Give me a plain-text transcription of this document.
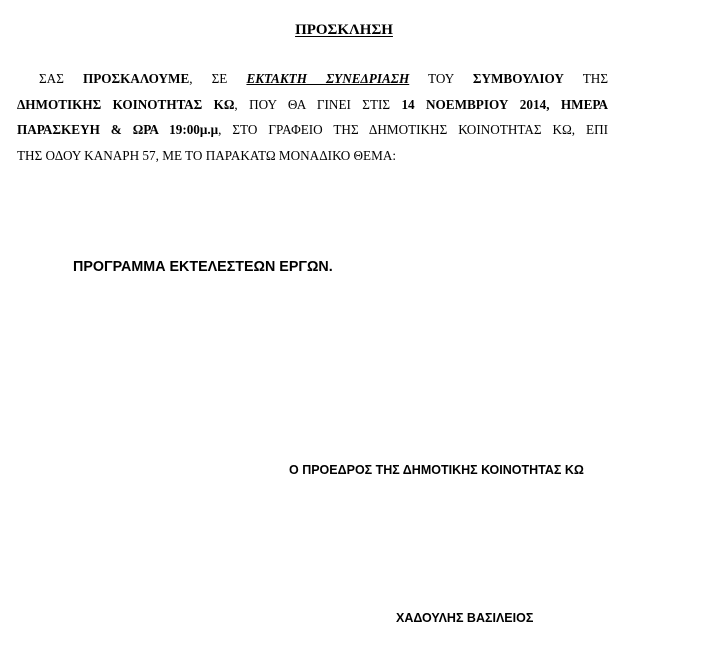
ΠΡΟΣΚΛΗΣΗ
ΣΑΣ ΠΡΟΣΚΑΛΟΥΜΕ, ΣΕ ΕΚΤΑΚΤΗ ΣΥΝΕΔΡΙΑΣΗ ΤΟΥ ΣΥΜΒΟΥΛΙΟΥ ΤΗΣ
ΔΗΜΟΤΙΚΗΣ ΚΟΙΝΟΤΗΤΑΣ ΚΩ, ΠΟΥ ΘΑ ΓΙΝΕΙ ΣΤΙΣ 14 ΝΟΕΜΒΡΙΟΥ 2014, ΗΜΕΡΑ
ΠΑΡΑΣΚΕΥΗ & ΩΡΑ 19:00μ.μ, ΣΤΟ ΓΡΑΦΕΙΟ ΤΗΣ ΔΗΜΟΤΙΚΗΣ ΚΟΙΝΟΤΗΤΑΣ ΚΩ, ΕΠΙ
ΤΗΣ ΟΔΟΥ ΚΑΝΑΡΗ 57, ΜΕ ΤΟ ΠΑΡΑΚΑΤΩ ΜΟΝΑΔΙΚΟ ΘΕΜΑ:
ΠΡΟΓΡΑΜΜΑ ΕΚΤΕΛΕΣΤΕΩΝ ΕΡΓΩΝ.
Ο ΠΡΟΕΔΡΟΣ ΤΗΣ ΔΗΜΟΤΙΚΗΣ ΚΟΙΝΟΤΗΤΑΣ ΚΩ
ΧΑΔΟΥΛΗΣ ΒΑΣΙΛΕΙΟΣ
